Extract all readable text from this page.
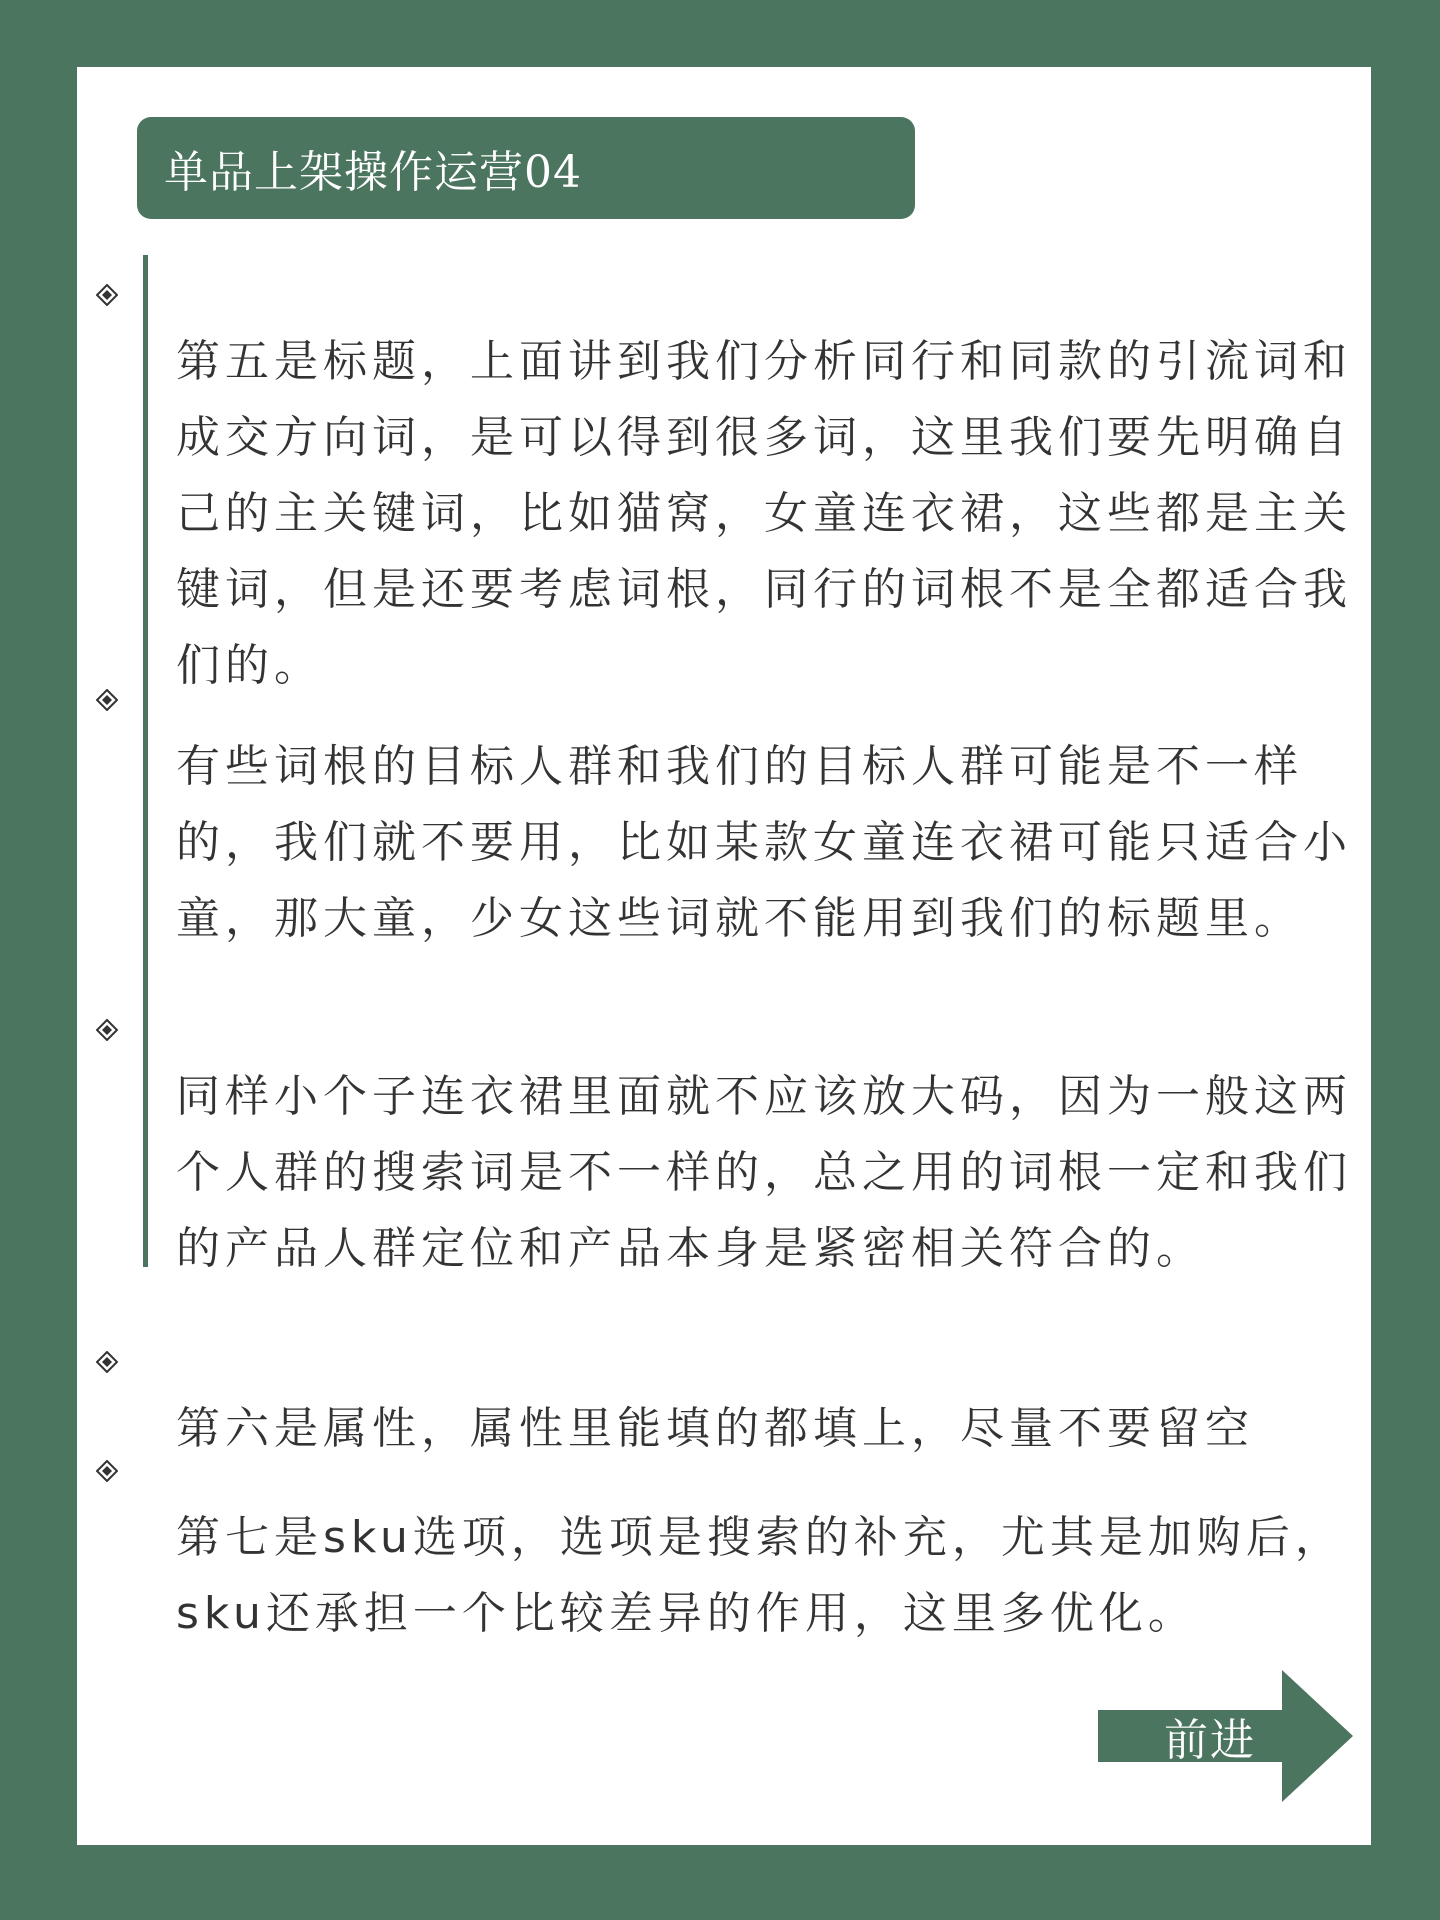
单品上架操作运营04

第五是标题，上面讲到我们分析同行和同款的引流词和成交方向词，是可以得到很多词，这里我们要先明确自己的主关键词，比如猫窝，女童连衣裙，这些都是主关键词，但是还要考虑词根，同行的词根不是全都适合我们的。

有些词根的目标人群和我们的目标人群可能是不一样的，我们就不要用，比如某款女童连衣裙可能只适合小童，那大童，少女这些词就不能用到我们的标题里。

同样小个子连衣裙里面就不应该放大码，因为一般这两个人群的搜索词是不一样的，总之用的词根一定和我们的产品人群定位和产品本身是紧密相关符合的。

第六是属性，属性里能填的都填上，尽量不要留空

第七是sku选项，选项是搜索的补充，尤其是加购后，sku还承担一个比较差异的作用，这里多优化。

前进
